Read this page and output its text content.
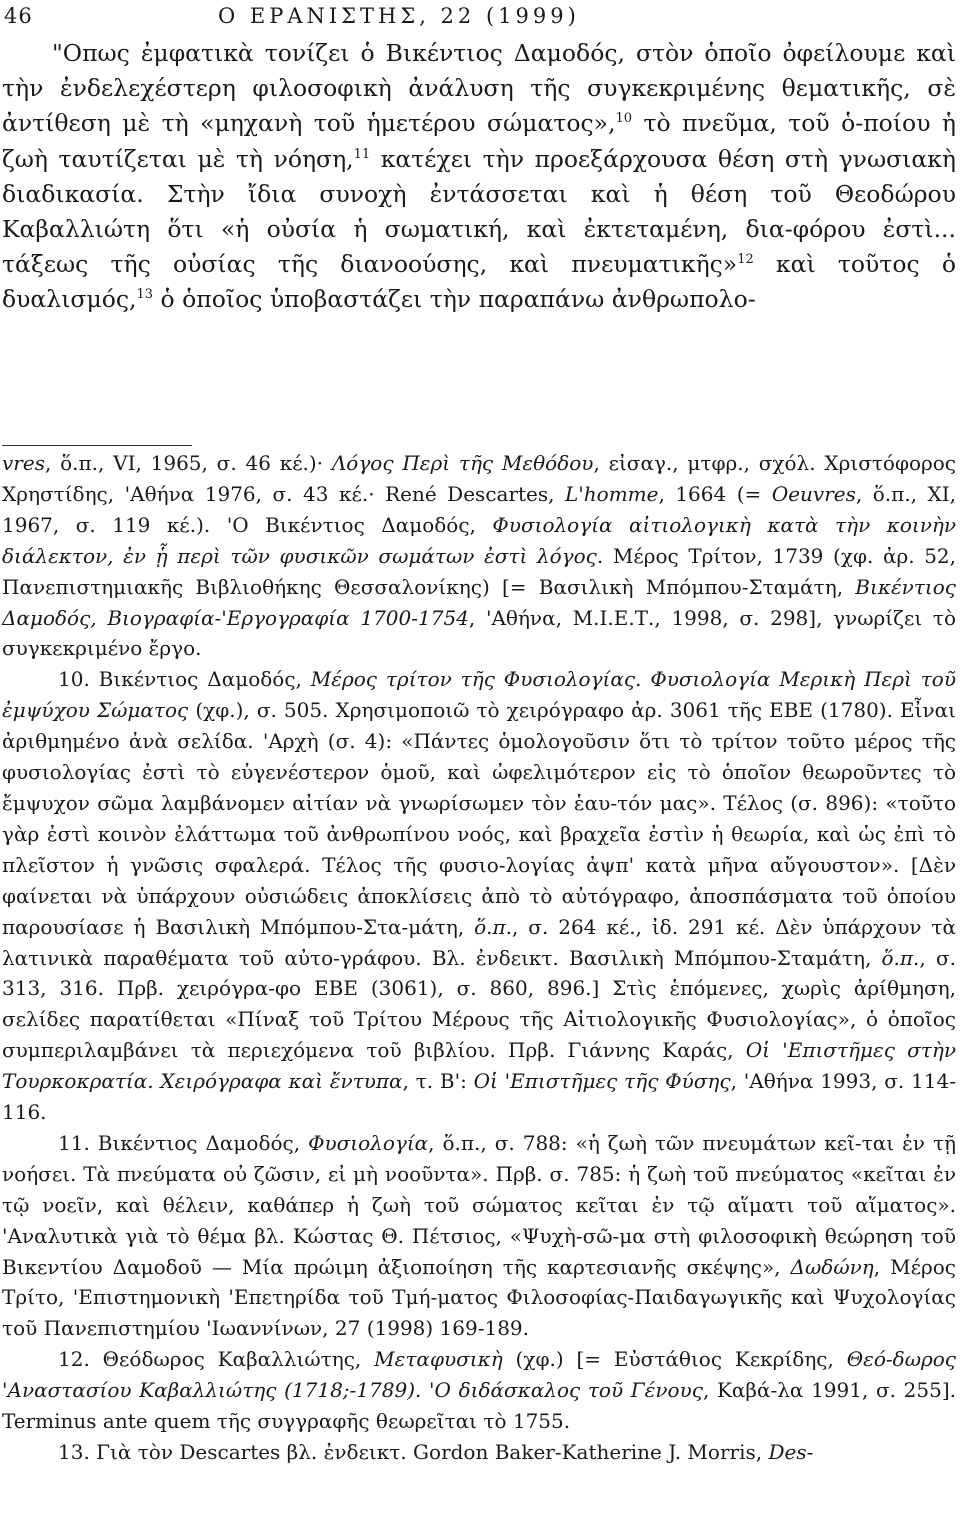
46	Ο ΕΡΑΝΙΣΤΗΣ, 22 (1999)

"Οπως ἐμφατικὰ τονίζει ὁ Βικέντιος Δαμοδός, στὸν ὁποῖο ὀφείλουμε καὶ τὴν ἐνδελεχέστερη φιλοσοφικὴ ἀνάλυση τῆς συγκεκριμένης θεματικῆς, σὲ ἀντίθεση μὲ τὴ «μηχανὴ τοῦ ἡμετέρου σώματος»,$^{10}$ τὸ πνεῦμα, τοῦ ὁ-ποίου ἡ ζωὴ ταυτίζεται μὲ τὴ νόηση,$^{11}$ κατέχει τὴν προεξάρχουσα θέση στὴ γνωσιακὴ διαδικασία. Στὴν ἴδια συνοχὴ ἐντάσσεται καὶ ἡ θέση τοῦ Θεοδώρου Καβαλλιώτη ὅτι «ἡ οὐσία ἡ σωματική, καὶ ἐκτεταμένη, δια-φόρου ἐστὶ... τάξεως τῆς οὐσίας τῆς διανοούσης, καὶ πνευματικῆς»$^{12}$ καὶ τοῦτος ὁ δυαλισμός,$^{13}$ ὁ ὁποῖος ὑποβαστάζει τὴν παραπάνω ἀνθρωπολο-

vres, ὅ.π., VI, 1965, σ. 46 κέ.)· Λόγος Περὶ τῆς Μεθόδου, εἰσαγ., μτφρ., σχόλ. Χριστόφορος Χρηστίδης, 'Αθήνα 1976, σ. 43 κέ.· René Descartes, L'homme, 1664 (= Oeuvres, ὅ.π., XI, 1967, σ. 119 κέ.). 'Ο Βικέντιος Δαμοδός, Φυσιολογία αἰτιολογικὴ κατὰ τὴν κοινὴν διάλεκτον, ἐν ᾗ περὶ τῶν φυσικῶν σωμάτων ἐστὶ λόγος. Μέρος Τρίτον, 1739 (χφ. ἀρ. 52, Πανεπιστημιακῆς Βιβλιοθήκης Θεσσαλονίκης) [= Βασιλικὴ Μπόμπου-Σταμάτη, Βικέντιος Δαμοδός, Βιογραφία-'Εργογραφία 1700-1754, 'Αθήνα, Μ.Ι.Ε.Τ., 1998, σ. 298], γνωρίζει τὸ συγκεκριμένο ἔργο.

10. Βικέντιος Δαμοδός, Μέρος τρίτον τῆς Φυσιολογίας. Φυσιολογία Μερικὴ Περὶ τοῦ ἐμψύχου Σώματος (χφ.), σ. 505. Χρησιμοποιῶ τὸ χειρόγραφο ἀρ. 3061 τῆς ΕΒΕ (1780). Εἶναι ἀριθμημένο ἀνὰ σελίδα. 'Αρχὴ (σ. 4): «Πάντες ὁμολογοῦσιν ὅτι τὸ τρίτον τοῦτο μέρος τῆς φυσιολογίας ἐστὶ τὸ εὐγενέστερον ὁμοῦ, καὶ ὠφελιμότερον εἰς τὸ ὁποῖον θεωροῦντες τὸ ἔμψυχον σῶμα λαμβάνομεν αἰτίαν νὰ γνωρίσωμεν τὸν ἑαυ-τόν μας». Τέλος (σ. 896): «τοῦτο γὰρ ἐστὶ κοινὸν ἐλάττωμα τοῦ ἀνθρωπίνου νοός, καὶ βραχεῖα ἐστὶν ἡ θεωρία, καὶ ὡς ἐπὶ τὸ πλεῖστον ἡ γνῶσις σφαλερά. Τέλος τῆς φυσιο-λογίας ἀψπ' κατὰ μῆνα αὔγουστον». [Δὲν φαίνεται νὰ ὑπάρχουν οὐσιώδεις ἀποκλίσεις ἀπὸ τὸ αὐτόγραφο, ἀποσπάσματα τοῦ ὁποίου παρουσίασε ἡ Βασιλικὴ Μπόμπου-Στα-μάτη, ὅ.π., σ. 264 κέ., ἰδ. 291 κέ. Δὲν ὑπάρχουν τὰ λατινικὰ παραθέματα τοῦ αὐτο-γράφου. Βλ. ἐνδεικτ. Βασιλικὴ Μπόμπου-Σταμάτη, ὅ.π., σ. 313, 316. Πρβ. χειρόγρα-φο ΕΒΕ (3061), σ. 860, 896.] Στὶς ἑπόμενες, χωρὶς ἀρίθμηση, σελίδες παρατίθεται «Πίναξ τοῦ Τρίτου Μέρους τῆς Αἰτιολογικῆς Φυσιολογίας», ὁ ὁποῖος συμπεριλαμβάνει τὰ περιεχόμενα τοῦ βιβλίου. Πρβ. Γιάννης Καράς, Οἱ 'Επιστῆμες στὴν Τουρκοκρατία. Χειρόγραφα καὶ ἔντυπα, τ. Β': Οἱ 'Επιστῆμες τῆς Φύσης, 'Αθήνα 1993, σ. 114-116.

11. Βικέντιος Δαμοδός, Φυσιολογία, ὅ.π., σ. 788: «ἡ ζωὴ τῶν πνευμάτων κεῖ-ται ἐν τῇ νοήσει. Τὰ πνεύματα οὐ ζῶσιν, εἰ μὴ νοοῦντα». Πρβ. σ. 785: ἡ ζωὴ τοῦ πνεύματος «κεῖται ἐν τῷ νοεῖν, καὶ θέλειν, καθάπερ ἡ ζωὴ τοῦ σώματος κεῖται ἐν τῷ αἵματι τοῦ αἵματος». 'Αναλυτικὰ γιὰ τὸ θέμα βλ. Κώστας Θ. Πέτσιος, «Ψυχὴ-σῶ-μα στὴ φιλοσοφικὴ θεώρηση τοῦ Βικεντίου Δαμοδοῦ — Μία πρώιμη ἀξιοποίηση τῆς καρτεσιανῆς σκέψης», Δωδώνη, Μέρος Τρίτο, 'Επιστημονικὴ 'Επετηρίδα τοῦ Τμή-ματος Φιλοσοφίας-Παιδαγωγικῆς καὶ Ψυχολογίας τοῦ Πανεπιστημίου 'Ιωαννίνων, 27 (1998) 169-189.

12. Θεόδωρος Καβαλλιώτης, Μεταφυσικὴ (χφ.) [= Εὐστάθιος Κεκρίδης, Θεό-δωρος 'Αναστασίου Καβαλλιώτης (1718;-1789). 'Ο διδάσκαλος τοῦ Γένους, Καβά-λα 1991, σ. 255]. Terminus ante quem τῆς συγγραφῆς θεωρεῖται τὸ 1755.

13. Γιὰ τὸν Descartes βλ. ἐνδεικτ. Gordon Baker-Katherine J. Morris, Des-
